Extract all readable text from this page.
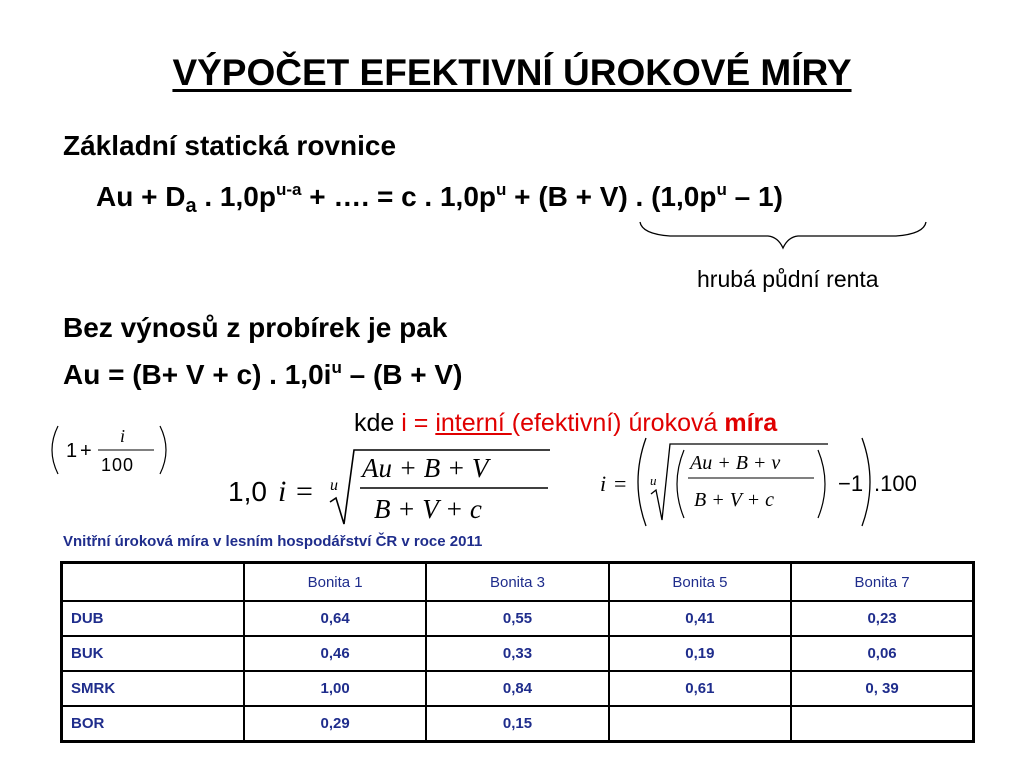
VÝPOČET EFEKTIVNÍ ÚROKOVÉ MÍRY
Základní statická rovnice
$Au + D_a$ . $1,0p^{u-a}$ + …. = c . $1,0p^u + (B + V)$ . $(1,0p^u - 1)$
hrubá půdní renta
Bez výnosů z probírek je pak
Au = (B+ V + c) . $1,0i^u - (B + V)$
kde i = interní (efektivní) úroková míra
1 +
i
100
1,0 i = u
Au + B + V
B + V + c
i = u
Au + B + v
B + V + c
−1 .100
Vnitřní úroková míra v lesním hospodářství ČR v roce 2011
	Bonita 1	Bonita 3	Bonita 5	Bonita 7
DUB	0,64	0,55	0,41	0,23
BUK	0,46	0,33	0,19	0,06
SMRK	1,00	0,84	0,61	0, 39
BOR	0,29	0,15		
